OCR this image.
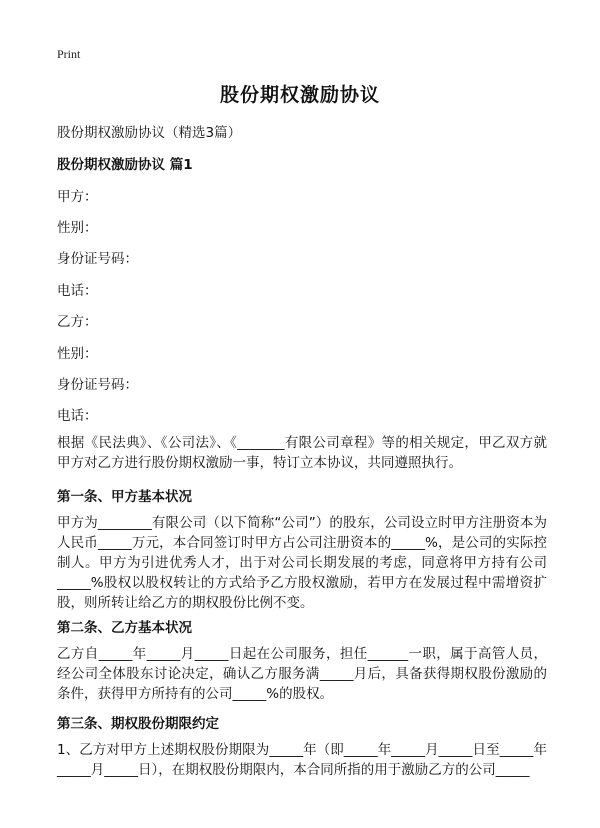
Print
股份期权激励协议
股份期权激励协议（精选3篇）
股份期权激励协议 篇1
甲方：
性别：
身份证号码：
电话：
乙方：
性别：
身份证号码：
电话：
根据《民法典》、《公司法》、《_______有限公司章程》等的相关规定，甲乙双方就甲方对乙方进行股份期权激励一事，特订立本协议，共同遵照执行。
第一条、甲方基本状况
甲方为________有限公司（以下简称“公司”）的股东，公司设立时甲方注册资本为人民币_____万元，本合同签订时甲方占公司注册资本的_____%，是公司的实际控制人。甲方为引进优秀人才，出于对公司长期发展的考虑，同意将甲方持有公司_____%股权以股权转让的方式给予乙方股权激励，若甲方在发展过程中需增资扩股，则所转让给乙方的期权股份比例不变。
第二条、乙方基本状况
乙方自_____年_____月_____日起在公司服务，担任______一职，属于高管人员，经公司全体股东讨论决定，确认乙方服务满_____月后，具备获得期权股份激励的条件，获得甲方所持有的公司_____%的股权。
第三条、期权股份期限约定
1、乙方对甲方上述期权股份期限为_____年（即_____年_____月_____日至_____年_____月_____日），在期权股份期限内，本合同所指的用于激励乙方的公司_____
